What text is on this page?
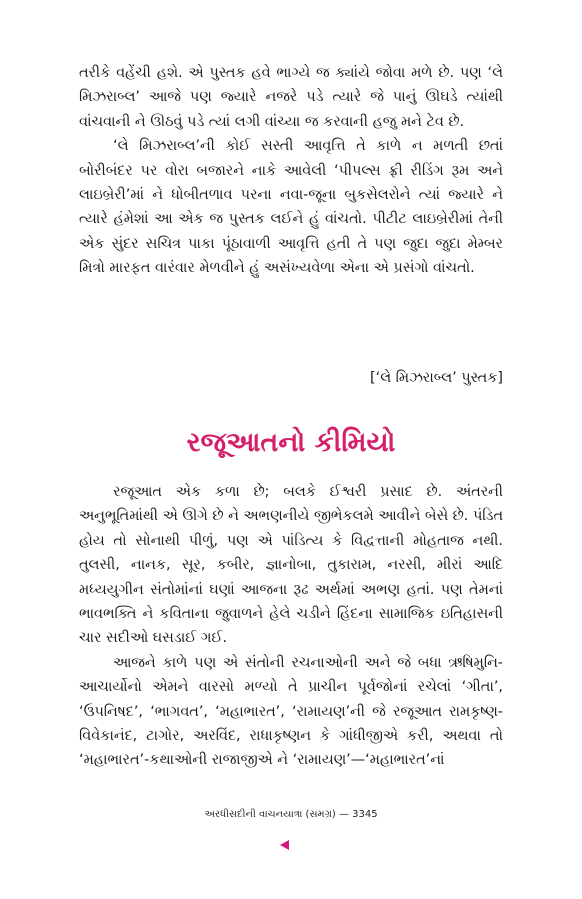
તરીકે વહેંચી હશે. એ પુસ્તક હવે ભાગ્યે જ ક્યાંયે જોવા મળે છે. પણ ‘લે મિઝરાબ્લ’ આજે પણ જ્યારે નજરે પડે ત્યારે જે પાનું ઊઘડે ત્યાંથી વાંચવાની ને ઊઠવું પડે ત્યાં લગી વાંચ્યા જ કરવાની હજુ મને ટેવ છે.

‘લે મિઝરાબ્લ’ની કોઈ સસ્તી આવૃત્તિ તે કાળે ન મળતી છતાં બોરીબંદર પર વોરા બજારને નાકે આવેલી ‘પીપલ્સ ફ્રી રીડિંગ રૂમ અને લાઇબ્રેરી’માં ને ધોબીતળાવ પરના નવા-જૂના બુકસેલરોને ત્યાં જ્યારે ને ત્યારે હંમેશાં આ એક જ પુસ્તક લઈને હું વાંચતો. પીટીટ લાઇબ્રેરીમાં તેની એક સુંદર સચિત્ર પાકા પૂંઠાવાળી આવૃત્તિ હતી તે પણ જુદા જુદા મેમ્બર મિત્રો મારફત વારંવાર મેળવીને હું અસંખ્યવેળા એના એ પ્રસંગો વાંચતો.

[‘લે મિઝરાબ્લ’ પુસ્તક]
રજૂઆતનો કીમિયો

રજૂઆત એક કળા છે; બલકે ઈશ્વરી પ્રસાદ છે. અંતરની અનુભૂતિમાંથી એ ઊગે છે ને અભણનીયે જીભેકલમે આવીને બેસે છે. પંડિત હોય તો સોનાથી પીળું, પણ એ પાંડિત્ય કે વિદ્વત્તાની મોહતાજ નથી. તુલસી, નાનક, સૂર, કબીર, જ્ઞાનોબા, તુકારામ, નરસી, મીરાં આદિ મધ્યયુગીન સંતોમાંનાં ઘણાં આજના રૂઢ અર્થમાં અભણ હતાં. પણ તેમનાં ભાવભક્તિ ને કવિતાના જુવાળને હેલે ચડીને હિંદના સામાજિક ઇતિહાસની ચાર સદીઓ ઘસડાઈ ગઈ.

આજને કાળે પણ એ સંતોની રચનાઓની અને જે બધા ઋષિમુનિ-આચાર્યોનો એમને વારસો મળ્યો તે પ્રાચીન પૂર્વજોનાં રચેલાં ‘ગીતા’, ‘ઉપનિષદ’, ‘ભાગવત’, ‘મહાભારત’, ‘રામાયણ’ની જે રજૂઆત રામકૃષ્ણ-વિવેકાનંદ, ટાગોર, અરવિંદ, રાધાકૃષ્ણન કે ગાંધીજીએ કરી, અથવા તો ‘મહાભારત’-કથાઓની રાજાજીએ ને ‘રામાયણ’—‘મહાભારત’નાં

અરધીસદીની વાચનયાત્રા (સમગ્ર) — 3345
